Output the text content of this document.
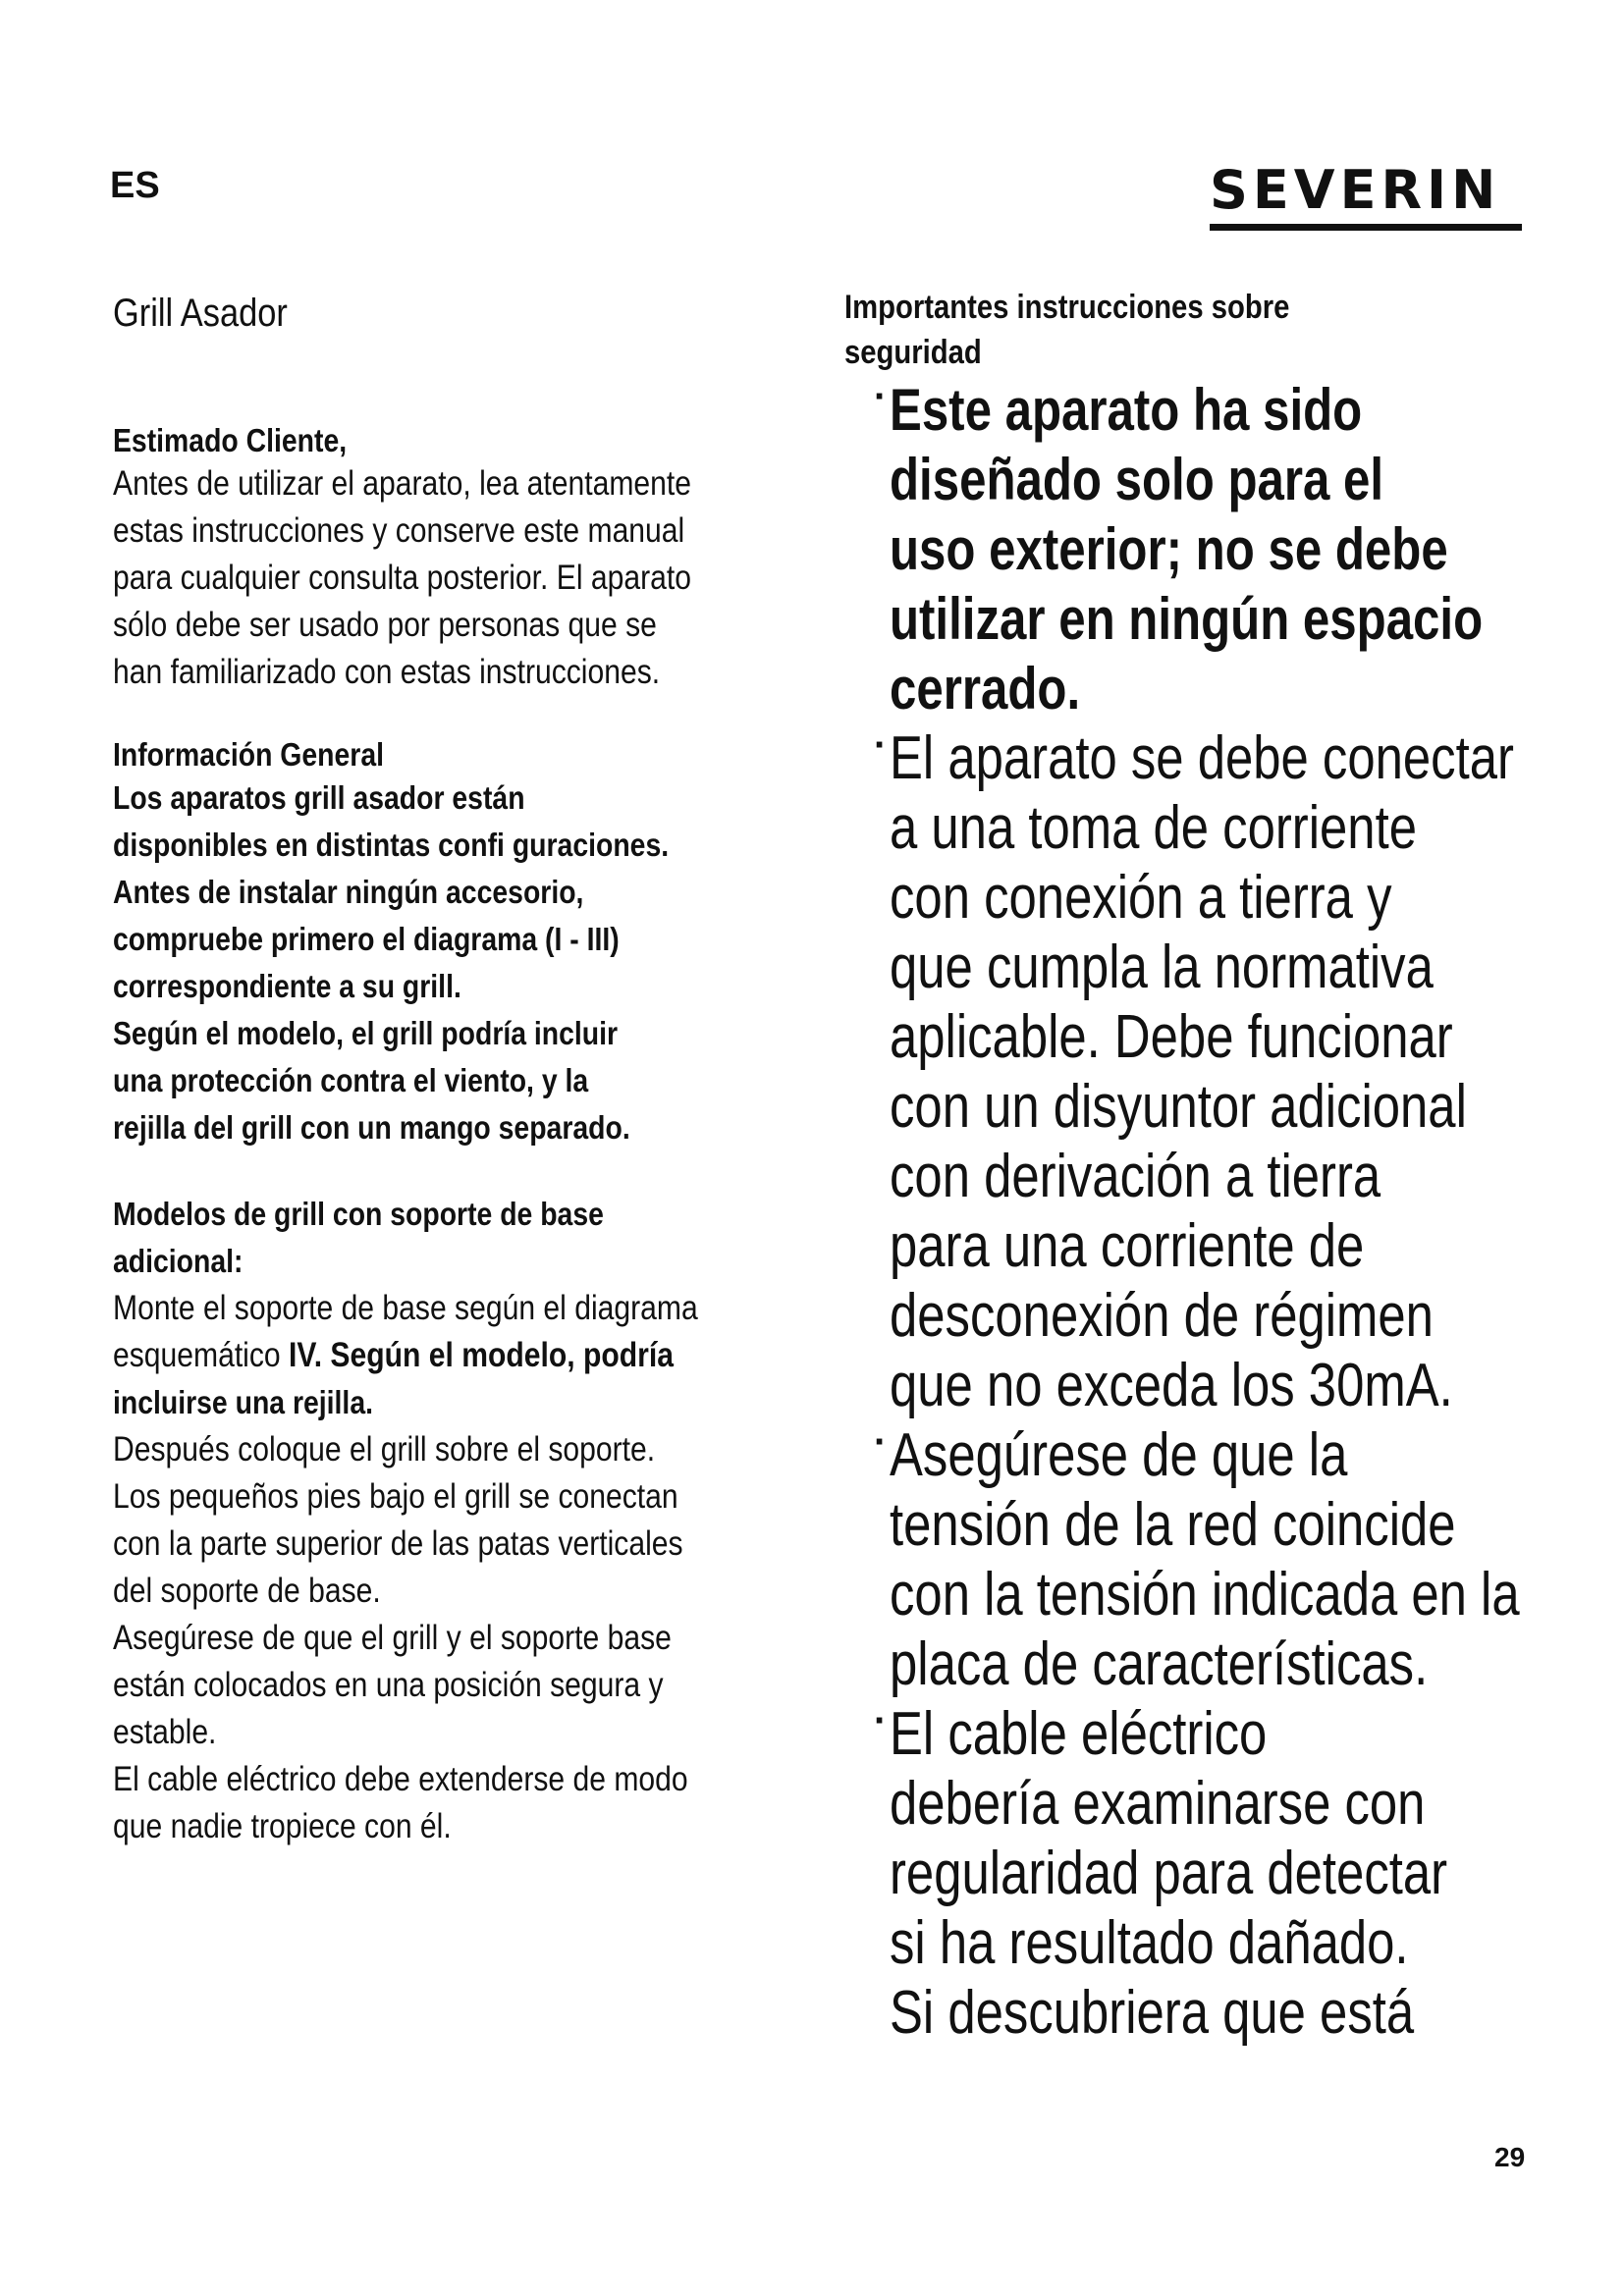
ES	SEVERIN
Grill Asador
Estimado Cliente,
Antes de utilizar el aparato, lea atentamente
estas instrucciones y conserve este manual
para cualquier consulta posterior. El aparato
sólo debe ser usado por personas que se
han familiarizado con estas instrucciones.
Información General
Los aparatos grill asador están
disponibles en distintas confi guraciones.
Antes de instalar ningún accesorio,
compruebe primero el diagrama (I - III)
correspondiente a su grill.
Según el modelo, el grill podría incluir
una protección contra el viento, y la
rejilla del grill con un mango separado.
Modelos de grill con soporte de base
adicional:
Monte el soporte de base según el diagrama
esquemático IV. Según el modelo, podría
incluirse una rejilla.
Después coloque el grill sobre el soporte.
Los pequeños pies bajo el grill se conectan
con la parte superior de las patas verticales
del soporte de base.
Asegúrese de que el grill y el soporte base
están colocados en una posición segura y
estable.
El cable eléctrico debe extenderse de modo
que nadie tropiece con él.
Importantes instrucciones sobre
seguridad
· Este aparato ha sido
diseñado solo para el
uso exterior; no se debe
utilizar en ningún espacio
cerrado.
· El aparato se debe conectar
a una toma de corriente
con conexión a tierra y
que cumpla la normativa
aplicable. Debe funcionar
con un disyuntor adicional
con derivación a tierra
para una corriente de
desconexión de régimen
que no exceda los 30mA.
· Asegúrese de que la
tensión de la red coincide
con la tensión indicada en la
placa de características.
· El cable eléctrico
debería examinarse con
regularidad para detectar
si ha resultado dañado.
Si descubriera que está
29
